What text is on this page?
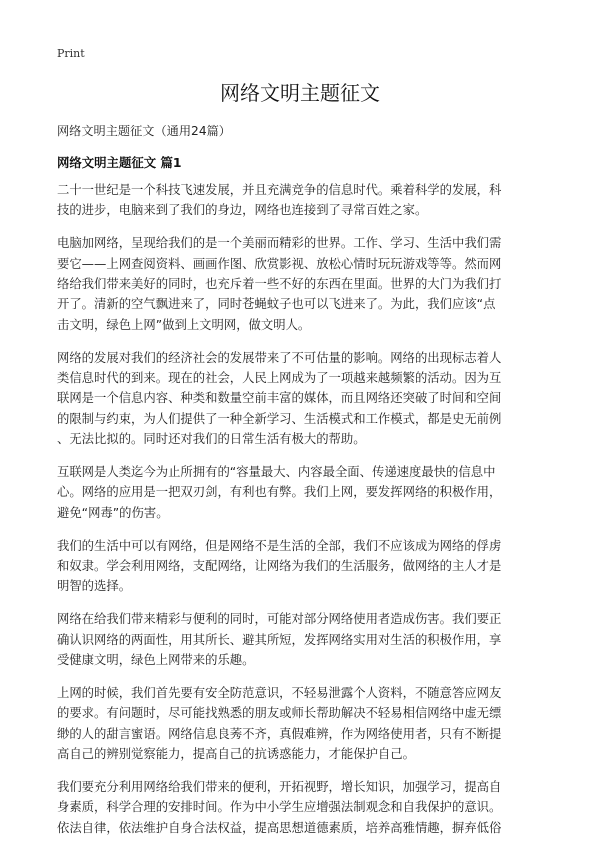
Print
网络文明主题征文
网络文明主题征文（通用24篇）
网络文明主题征文 篇1
二十一世纪是一个科技飞速发展，并且充满竞争的信息时代。乘着科学的发展，科
技的进步，电脑来到了我们的身边，网络也连接到了寻常百姓之家。
电脑加网络，呈现给我们的是一个美丽而精彩的世界。工作、学习、生活中我们需
要它——上网查阅资料、画画作图、欣赏影视、放松心情时玩玩游戏等等。然而网
络给我们带来美好的同时，也充斥着一些不好的东西在里面。世界的大门为我们打
开了。清新的空气飘进来了，同时苍蝇蚊子也可以飞进来了。为此，我们应该“点
击文明，绿色上网”做到上文明网，做文明人。
网络的发展对我们的经济社会的发展带来了不可估量的影响。网络的出现标志着人
类信息时代的到来。现在的社会，人民上网成为了一项越来越频繁的活动。因为互
联网是一个信息内容、种类和数量空前丰富的媒体，而且网络还突破了时间和空间
的限制与约束，为人们提供了一种全新学习、生活模式和工作模式，都是史无前例
、无法比拟的。同时还对我们的日常生活有极大的帮助。
互联网是人类迄今为止所拥有的“容量最大、内容最全面、传递速度最快的信息中
心。网络的应用是一把双刃剑，有利也有弊。我们上网，要发挥网络的积极作用，
避免“网毒”的伤害。
我们的生活中可以有网络，但是网络不是生活的全部，我们不应该成为网络的俘虏
和奴隶。学会利用网络，支配网络，让网络为我们的生活服务，做网络的主人才是
明智的选择。
网络在给我们带来精彩与便利的同时，可能对部分网络使用者造成伤害。我们要正
确认识网络的两面性，用其所长、避其所短，发挥网络实用对生活的积极作用，享
受健康文明，绿色上网带来的乐趣。
上网的时候，我们首先要有安全防范意识，不轻易泄露个人资料，不随意答应网友
的要求。有问题时，尽可能找熟悉的朋友或师长帮助解决不轻易相信网络中虚无缥
缈的人的甜言蜜语。网络信息良莠不齐，真假难辨，作为网络使用者，只有不断提
高自己的辨别觉察能力，提高自己的抗诱惑能力，才能保护自己。
我们要充分利用网络给我们带来的便利，开拓视野，增长知识，加强学习，提高自
身素质，科学合理的安排时间。作为中小学生应增强法制观念和自我保护的意识。
依法自律，依法维护自身合法权益，提高思想道德素质，培养高雅情趣，摒弃低俗
